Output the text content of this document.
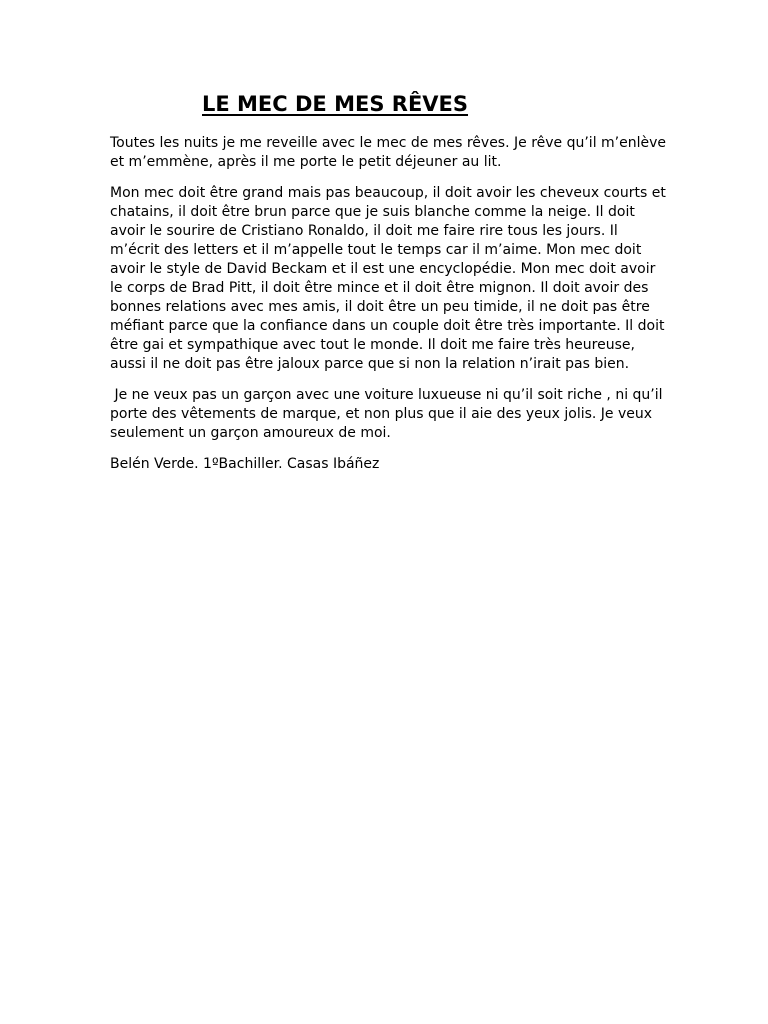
LE MEC DE MES RÊVES

Toutes les nuits je me reveille avec le mec de mes rêves. Je rêve qu’il m’enlève et m’emmène, après il me porte le petit déjeuner au lit.

Mon mec doit être grand mais pas beaucoup, il doit avoir les cheveux courts et chatains, il doit être brun parce que je suis blanche comme la neige. Il doit avoir le sourire de Cristiano Ronaldo, il doit me faire rire tous les jours. Il m’écrit des letters et il m’appelle tout le temps car il m’aime. Mon mec doit avoir le style de David Beckam et il est une encyclopédie. Mon mec doit avoir le corps de Brad Pitt, il doit être mince et il doit être mignon. Il doit avoir des bonnes relations avec mes amis, il doit être un peu timide, il ne doit pas être méfiant parce que la confiance dans un couple doit être très importante. Il doit être gai et sympathique avec tout le monde. Il doit me faire très heureuse, aussi il ne doit pas être jaloux parce que si non la relation n’irait pas bien.

Je ne veux pas un garçon avec une voiture luxueuse ni qu’il soit riche , ni qu’il porte des vêtements de marque, et non plus que il aie des yeux jolis. Je veux seulement un garçon amoureux de moi.

Belén Verde. 1ºBachiller. Casas Ibáñez
